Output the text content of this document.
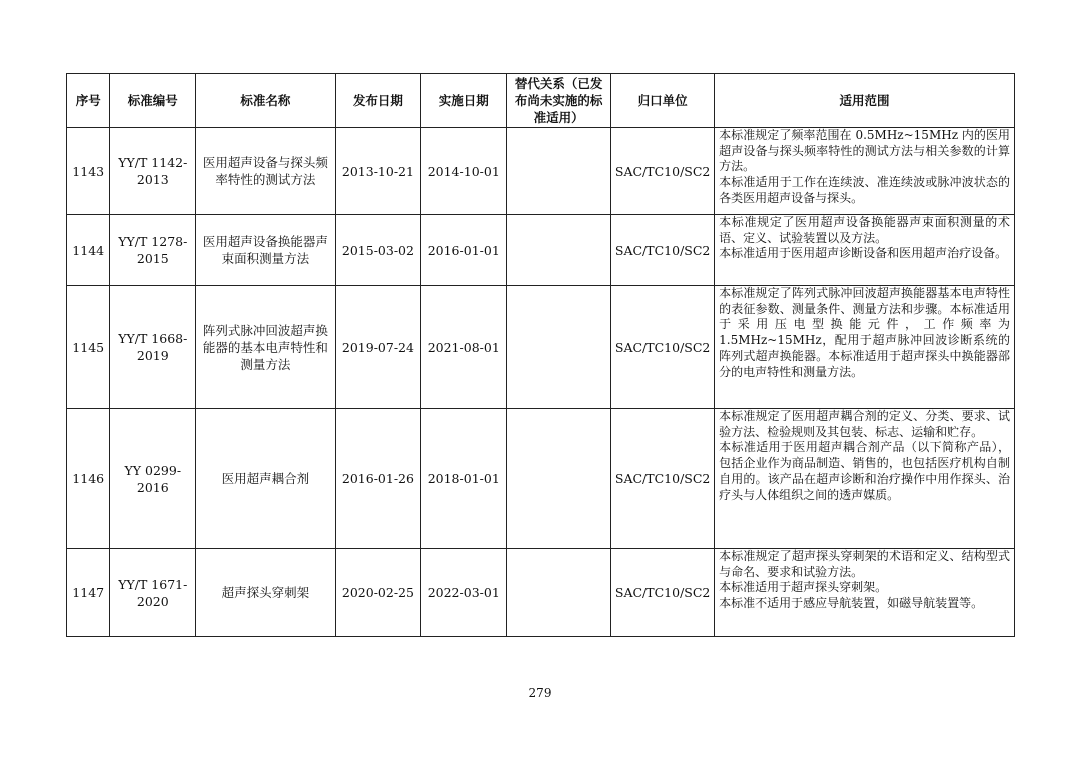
序号	标准编号	标准名称	发布日期	实施日期	替代关系（已发布尚未实施的标准适用）	归口单位	适用范围
1143	YY/T 1142-2013	医用超声设备与探头频率特性的测试方法	2013-10-21	2014-10-01		SAC/TC10/SC2	本标准规定了频率范围在 0.5MHz~15MHz 内的医用超声设备与探头频率特性的测试方法与相关参数的计算方法。

本标准适用于工作在连续波、准连续波或脉冲波状态的各类医用超声设备与探头。

1144	YY/T 1278-2015	医用超声设备换能器声束面积测量方法	2015-03-02	2016-01-01		SAC/TC10/SC2	本标准规定了医用超声设备换能器声束面积测量的术语、定义、试验装置以及方法。

本标准适用于医用超声诊断设备和医用超声治疗设备。

1145	YY/T 1668-2019	阵列式脉冲回波超声换能器的基本电声特性和测量方法	2019-07-24	2021-08-01		SAC/TC10/SC2	本标准规定了阵列式脉冲回波超声换能器基本电声特性的表征参数、测量条件、测量方法和步骤。本标准适用于采用压电型换能元件，工作频率为 1.5MHz~15MHz，配用于超声脉冲回波诊断系统的阵列式超声换能器。本标准适用于超声探头中换能器部分的电声特性和测量方法。

1146	YY 0299-2016	医用超声耦合剂	2016-01-26	2018-01-01		SAC/TC10/SC2	本标准规定了医用超声耦合剂的定义、分类、要求、试验方法、检验规则及其包装、标志、运输和贮存。

本标准适用于医用超声耦合剂产品（以下简称产品），包括企业作为商品制造、销售的，也包括医疗机构自制自用的。该产品在超声诊断和治疗操作中用作探头、治疗头与人体组织之间的透声媒质。

1147	YY/T 1671-2020	超声探头穿刺架	2020-02-25	2022-03-01		SAC/TC10/SC2	本标准规定了超声探头穿刺架的术语和定义、结构型式与命名、要求和试验方法。

本标准适用于超声探头穿刺架。

本标准不适用于感应导航装置，如磁导航装置等。

279
